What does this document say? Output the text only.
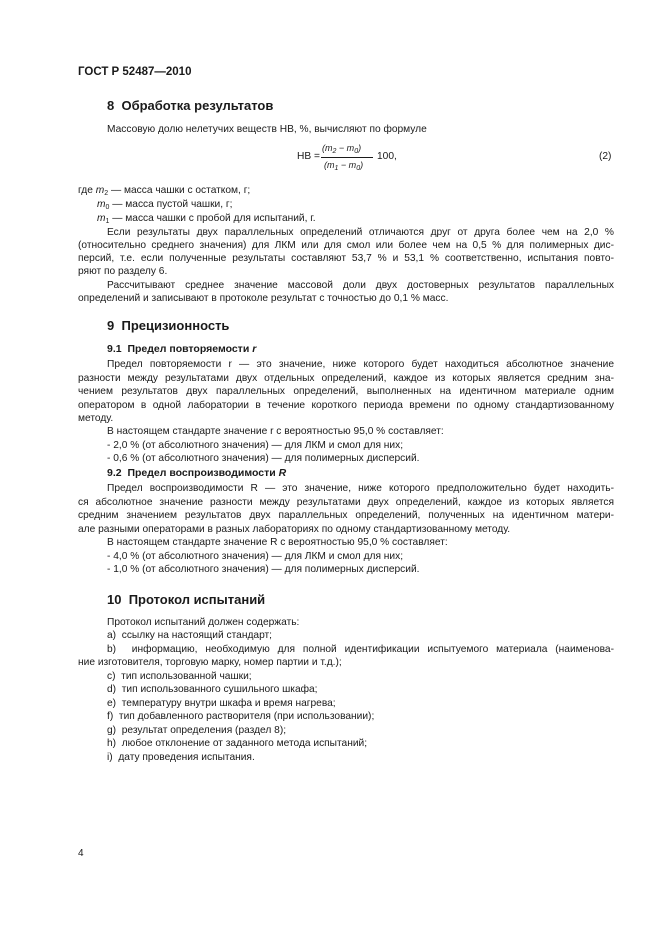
ГОСТ Р 52487—2010
8 Обработка результатов
Массовую долю нелетучих веществ НВ, %, вычисляют по формуле
НВ =
$(m_2 - m_0)$
$(m_1 - m_0)$
100,	(2)
где $m_2$ — масса чашки с остатком, г;
$m_0$ — масса пустой чашки, г;
$m_1$ — масса чашки с пробой для испытаний, г.
Если результаты двух параллельных определений отличаются друг от друга более чем на 2,0 %
(относительно среднего значения) для ЛКМ или для смол или более чем на 0,5 % для полимерных дис-
персий, т.е. если полученные результаты составляют 53,7 % и 53,1 % соответственно, испытания повто-
ряют по разделу 6.
Рассчитывают среднее значение массовой доли двух достоверных результатов параллельных
определений и записывают в протоколе результат с точностью до 0,1 % масс.
9 Прецизионность
9.1 Предел повторяемости r
Предел повторяемости r — это значение, ниже которого будет находиться абсолютное значение
разности между результатами двух отдельных определений, каждое из которых является средним зна-
чением результатов двух параллельных определений, выполненных на идентичном материале одним
оператором в одной лаборатории в течение короткого периода времени по одному стандартизованному
методу.
В настоящем стандарте значение r с вероятностью 95,0 % составляет:
- 2,0 % (от абсолютного значения) — для ЛКМ и смол для них;
- 0,6 % (от абсолютного значения) — для полимерных дисперсий.
9.2 Предел воспроизводимости R
Предел воспроизводимости R — это значение, ниже которого предположительно будет находить-
ся абсолютное значение разности между результатами двух определений, каждое из которых является
средним значением результатов двух параллельных определений, полученных на идентичном матери-
але разными операторами в разных лабораториях по одному стандартизованному методу.
В настоящем стандарте значение R с вероятностью 95,0 % составляет:
- 4,0 % (от абсолютного значения) — для ЛКМ и смол для них;
- 1,0 % (от абсолютного значения) — для полимерных дисперсий.
10 Протокол испытаний
Протокол испытаний должен содержать:
a) ссылку на настоящий стандарт;
b) информацию, необходимую для полной идентификации испытуемого материала (наименова-
ние изготовителя, торговую марку, номер партии и т.д.);
c) тип использованной чашки;
d) тип использованного сушильного шкафа;
e) температуру внутри шкафа и время нагрева;
f) тип добавленного растворителя (при использовании);
g) результат определения (раздел 8);
h) любое отклонение от заданного метода испытаний;
i) дату проведения испытания.
4
